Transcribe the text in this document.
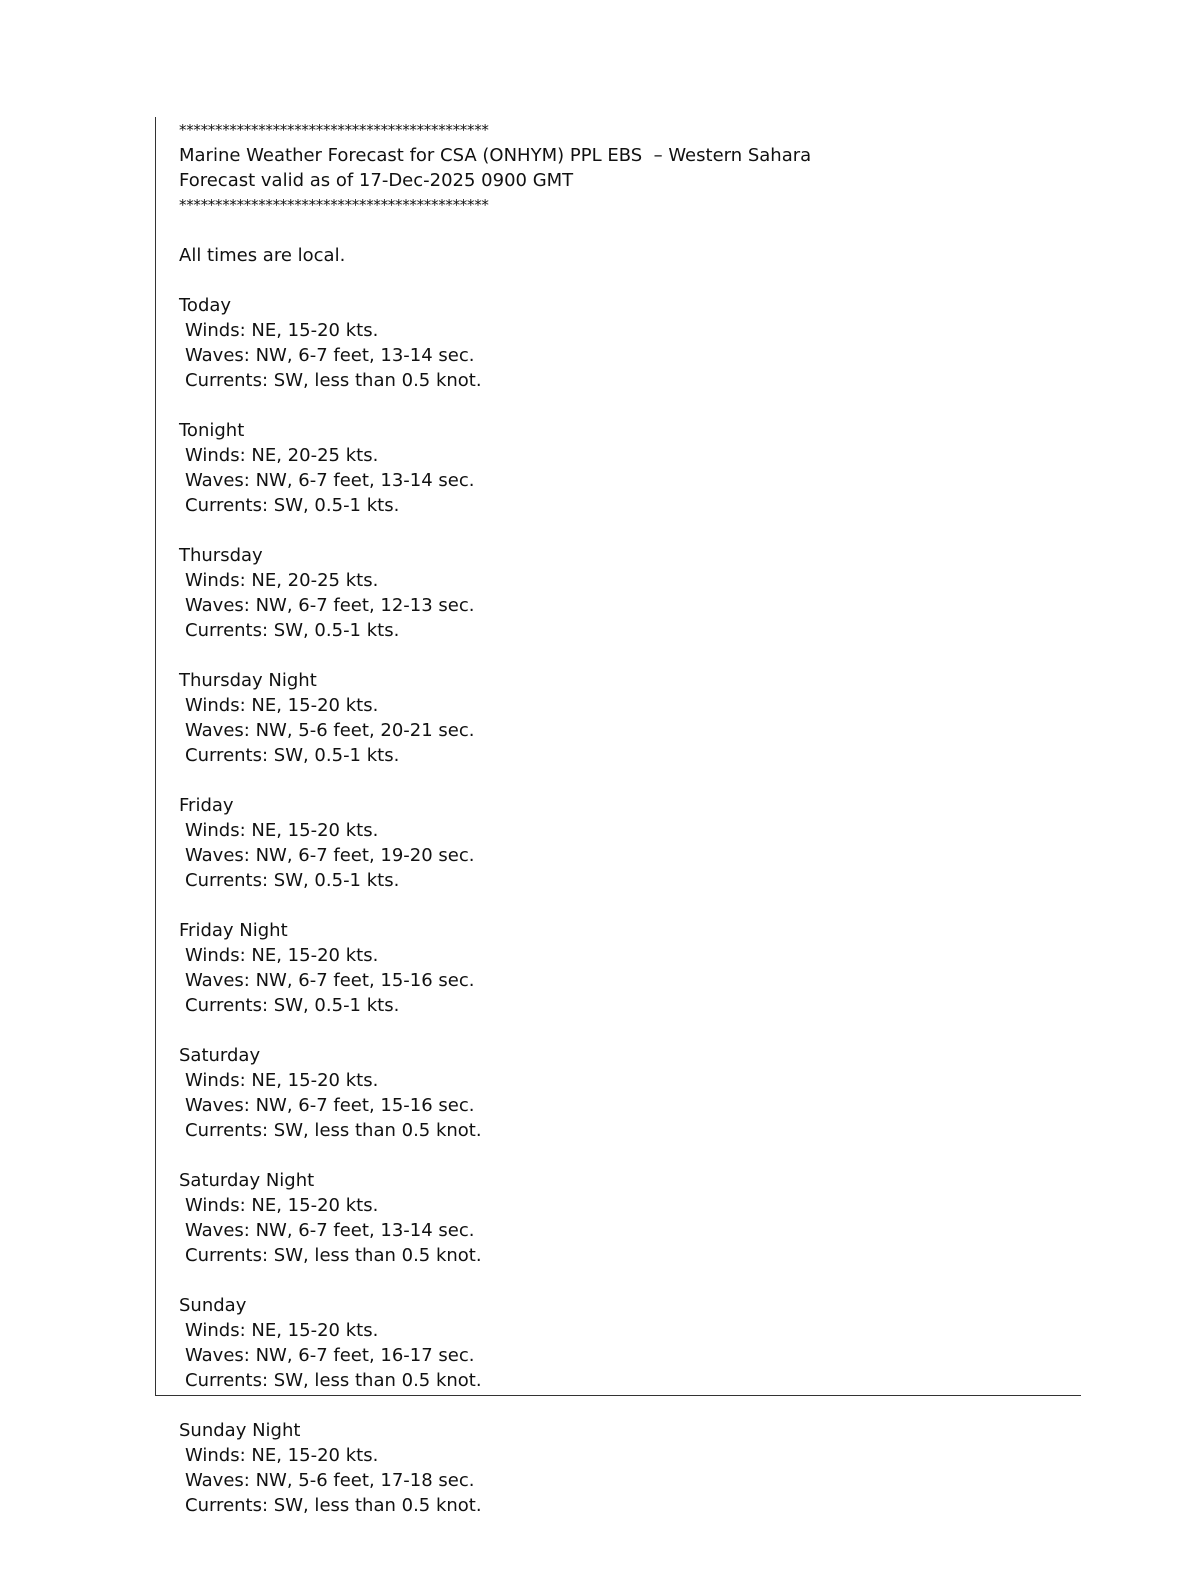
*******************************************
Marine Weather Forecast for CSA (ONHYM) PPL EBS  – Western Sahara
Forecast valid as of 17-Dec-2025 0900 GMT
*******************************************
All times are local.
Today
Winds: NE, 15-20 kts.
Waves: NW, 6-7 feet, 13-14 sec.
Currents: SW, less than 0.5 knot.
Tonight
Winds: NE, 20-25 kts.
Waves: NW, 6-7 feet, 13-14 sec.
Currents: SW, 0.5-1 kts.
Thursday
Winds: NE, 20-25 kts.
Waves: NW, 6-7 feet, 12-13 sec.
Currents: SW, 0.5-1 kts.
Thursday Night
Winds: NE, 15-20 kts.
Waves: NW, 5-6 feet, 20-21 sec.
Currents: SW, 0.5-1 kts.
Friday
Winds: NE, 15-20 kts.
Waves: NW, 6-7 feet, 19-20 sec.
Currents: SW, 0.5-1 kts.
Friday Night
Winds: NE, 15-20 kts.
Waves: NW, 6-7 feet, 15-16 sec.
Currents: SW, 0.5-1 kts.
Saturday
Winds: NE, 15-20 kts.
Waves: NW, 6-7 feet, 15-16 sec.
Currents: SW, less than 0.5 knot.
Saturday Night
Winds: NE, 15-20 kts.
Waves: NW, 6-7 feet, 13-14 sec.
Currents: SW, less than 0.5 knot.
Sunday
Winds: NE, 15-20 kts.
Waves: NW, 6-7 feet, 16-17 sec.
Currents: SW, less than 0.5 knot.
Sunday Night
Winds: NE, 15-20 kts.
Waves: NW, 5-6 feet, 17-18 sec.
Currents: SW, less than 0.5 knot.
